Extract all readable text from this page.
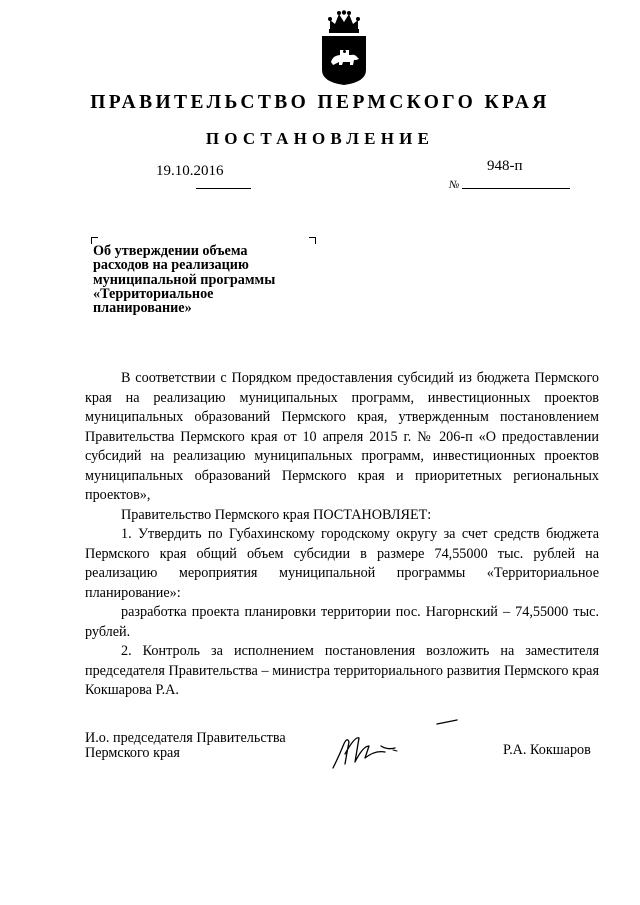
ПРАВИТЕЛЬСТВО ПЕРМСКОГО КРАЯ
ПОСТАНОВЛЕНИЕ
19.10.2016
№
948-п
Об утверждении объема
расходов на реализацию
муниципальной программы
«Территориальное
планирование»

В соответствии с Порядком предоставления субсидий из бюджета Пермского края на реализацию муниципальных программ, инвестиционных проектов муниципальных образований Пермского края, утвержденным постановлением Правительства Пермского края от 10 апреля 2015 г. № 206-п «О предоставлении субсидий на реализацию муниципальных программ, инвестиционных проектов муниципальных образований Пермского края и приоритетных региональных проектов»,

Правительство Пермского края ПОСТАНОВЛЯЕТ:

1. Утвердить по Губахинскому городскому округу за счет средств бюджета Пермского края общий объем субсидии в размере 74,55000 тыс. рублей на реализацию мероприятия муниципальной программы «Территориальное планирование»:

разработка проекта планировки территории пос. Нагорнский – 74,55000 тыс. рублей.

2. Контроль за исполнением постановления возложить на заместителя председателя Правительства – министра территориального развития Пермского края Кокшарова Р.А.

И.о. председателя Правительства
Пермского края	Р.А. Кокшаров
